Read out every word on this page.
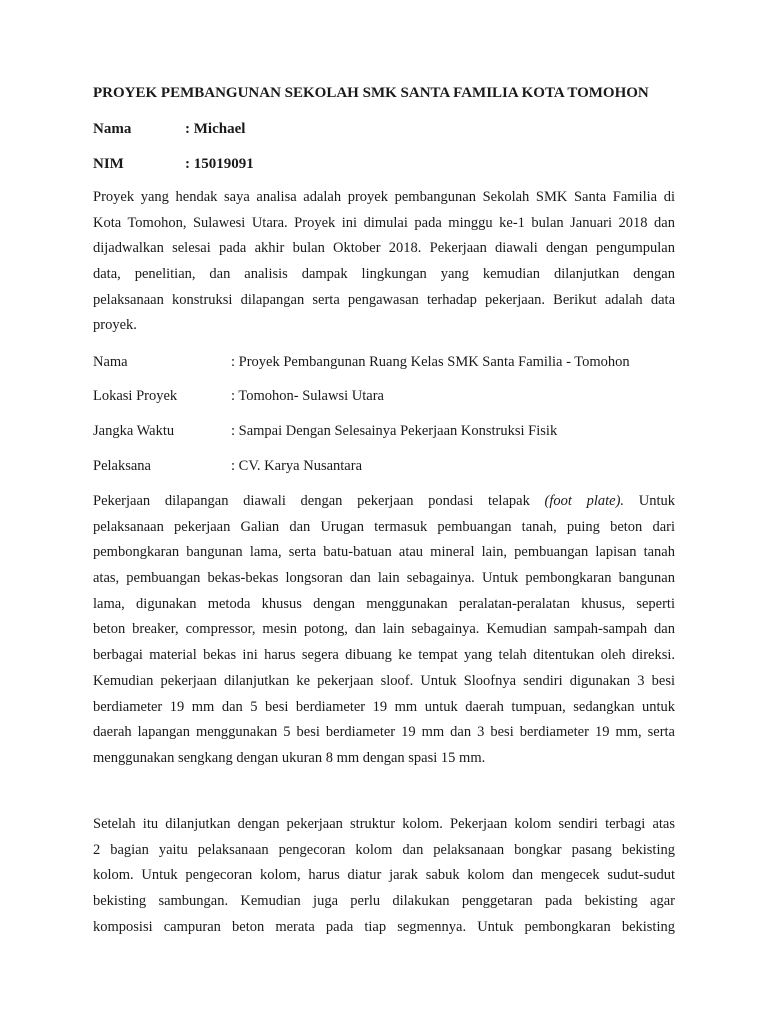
PROYEK PEMBANGUNAN SEKOLAH SMK SANTA FAMILIA KOTA TOMOHON
Nama	: Michael
NIM	: 15019091
Proyek yang hendak saya analisa adalah proyek pembangunan Sekolah SMK Santa Familia di
Kota Tomohon, Sulawesi Utara. Proyek ini dimulai pada minggu ke-1 bulan Januari 2018 dan
dijadwalkan selesai pada akhir bulan Oktober 2018. Pekerjaan diawali dengan pengumpulan
data, penelitian, dan analisis dampak lingkungan yang kemudian dilanjutkan dengan
pelaksanaan konstruksi dilapangan serta pengawasan terhadap pekerjaan. Berikut adalah data
proyek.
Nama	: Proyek Pembangunan Ruang Kelas SMK Santa Familia - Tomohon
Lokasi Proyek	: Tomohon- Sulawsi Utara
Jangka Waktu	: Sampai Dengan Selesainya Pekerjaan Konstruksi Fisik
Pelaksana	: CV. Karya Nusantara
Pekerjaan dilapangan diawali dengan pekerjaan pondasi telapak (foot plate). Untuk
pelaksanaan pekerjaan Galian dan Urugan termasuk pembuangan tanah, puing beton dari
pembongkaran bangunan lama, serta batu-batuan atau mineral lain, pembuangan lapisan tanah
atas, pembuangan bekas-bekas longsoran dan lain sebagainya. Untuk pembongkaran bangunan
lama, digunakan metoda khusus dengan menggunakan peralatan-peralatan khusus, seperti
beton breaker, compressor, mesin potong, dan lain sebagainya. Kemudian sampah-sampah dan
berbagai material bekas ini harus segera dibuang ke tempat yang telah ditentukan oleh direksi.
Kemudian pekerjaan dilanjutkan ke pekerjaan sloof. Untuk Sloofnya sendiri digunakan 3 besi
berdiameter 19 mm dan 5 besi berdiameter 19 mm untuk daerah tumpuan, sedangkan untuk
daerah lapangan menggunakan 5 besi berdiameter 19 mm dan 3 besi berdiameter 19 mm, serta
menggunakan sengkang dengan ukuran 8 mm dengan spasi 15 mm.
Setelah itu dilanjutkan dengan pekerjaan struktur kolom. Pekerjaan kolom sendiri terbagi atas
2 bagian yaitu pelaksanaan pengecoran kolom dan pelaksanaan bongkar pasang bekisting
kolom. Untuk pengecoran kolom, harus diatur jarak sabuk kolom dan mengecek sudut-sudut
bekisting sambungan. Kemudian juga perlu dilakukan penggetaran pada bekisting agar
komposisi campuran beton merata pada tiap segmennya. Untuk pembongkaran bekisting
